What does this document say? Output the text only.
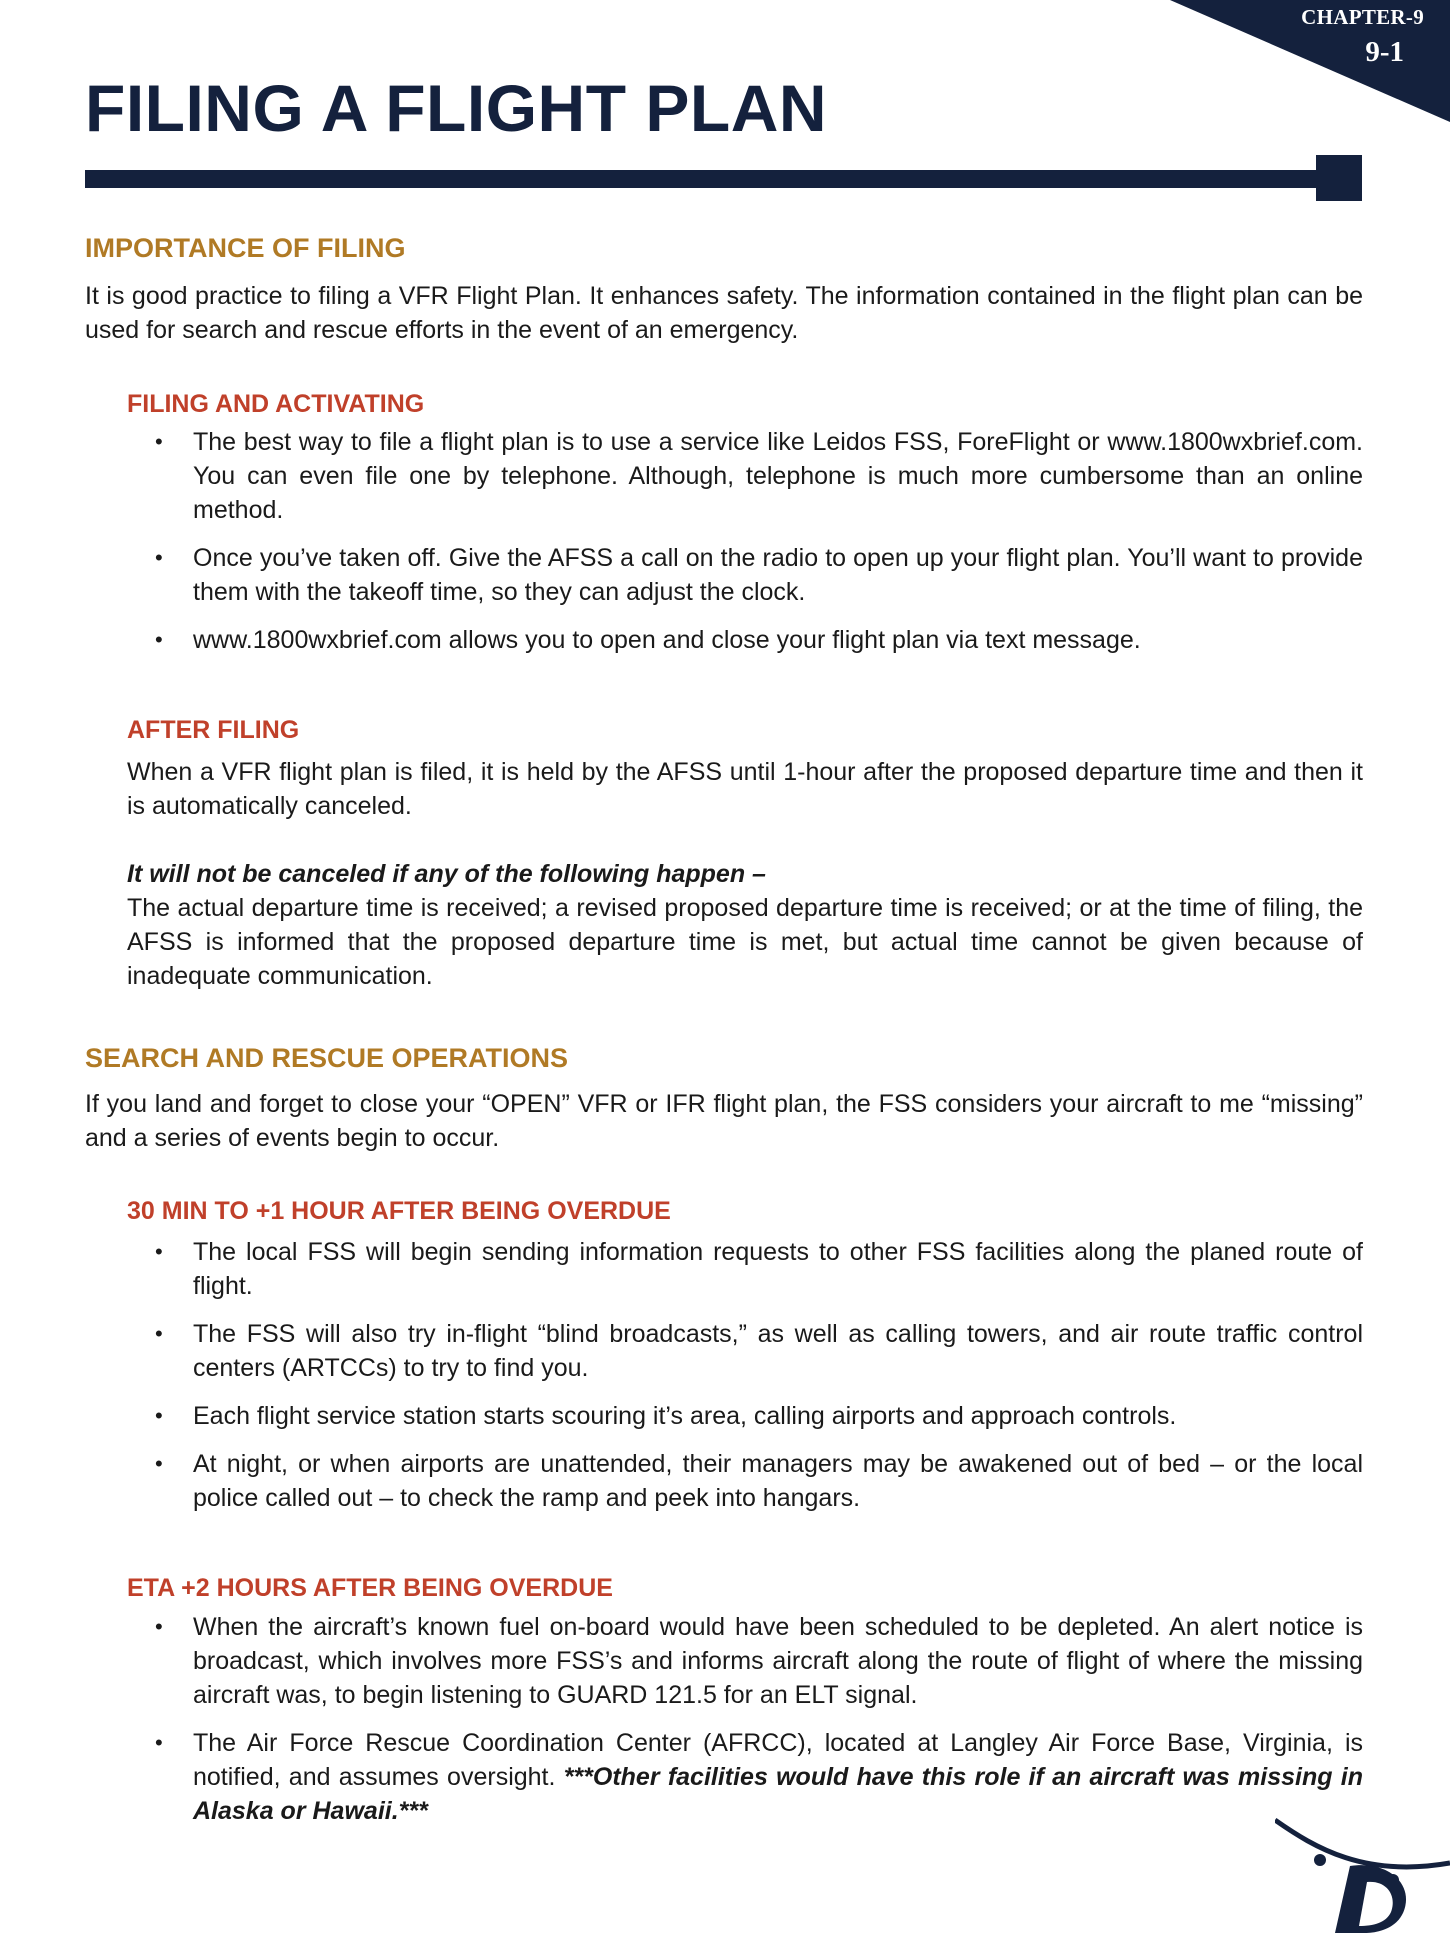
CHAPTER-9
9-1
FILING A FLIGHT PLAN
IMPORTANCE OF FILING

It is good practice to filing a VFR Flight Plan. It enhances safety. The information contained in the flight plan can be used for search and rescue efforts in the event of an emergency.

FILING AND ACTIVATING
• The best way to file a flight plan is to use a service like Leidos FSS, ForeFlight or www.1800wxbrief.com. You can even file one by telephone. Although, telephone is much more cumbersome than an online method.
• Once you’ve taken off. Give the AFSS a call on the radio to open up your flight plan. You’ll want to provide them with the takeoff time, so they can adjust the clock.
• www.1800wxbrief.com allows you to open and close your flight plan via text message.
AFTER FILING

When a VFR flight plan is filed, it is held by the AFSS until 1-hour after the proposed departure time and then it is automatically canceled.

It will not be canceled if any of the following happen –

The actual departure time is received; a revised proposed departure time is received; or at the time of filing, the AFSS is informed that the proposed departure time is met, but actual time cannot be given because of inadequate communication.

SEARCH AND RESCUE OPERATIONS

If you land and forget to close your “OPEN” VFR or IFR flight plan, the FSS considers your aircraft to me “missing” and a series of events begin to occur.

30 MIN TO +1 HOUR AFTER BEING OVERDUE
• The local FSS will begin sending information requests to other FSS facilities along the planed route of flight.
• The FSS will also try in-flight “blind broadcasts,” as well as calling towers, and air route traffic control centers (ARTCCs) to try to find you.
• Each flight service station starts scouring it’s area, calling airports and approach controls.
• At night, or when airports are unattended, their managers may be awakened out of bed – or the local police called out – to check the ramp and peek into hangars.
ETA +2 HOURS AFTER BEING OVERDUE
• When the aircraft’s known fuel on-board would have been scheduled to be depleted. An alert notice is broadcast, which involves more FSS’s and informs aircraft along the route of flight of where the missing aircraft was, to begin listening to GUARD 121.5 for an ELT signal.
• The Air Force Rescue Coordination Center (AFRCC), located at Langley Air Force Base, Virginia, is notified, and assumes oversight. ***Other facilities would have this role if an aircraft was missing in Alaska or Hawaii.***
